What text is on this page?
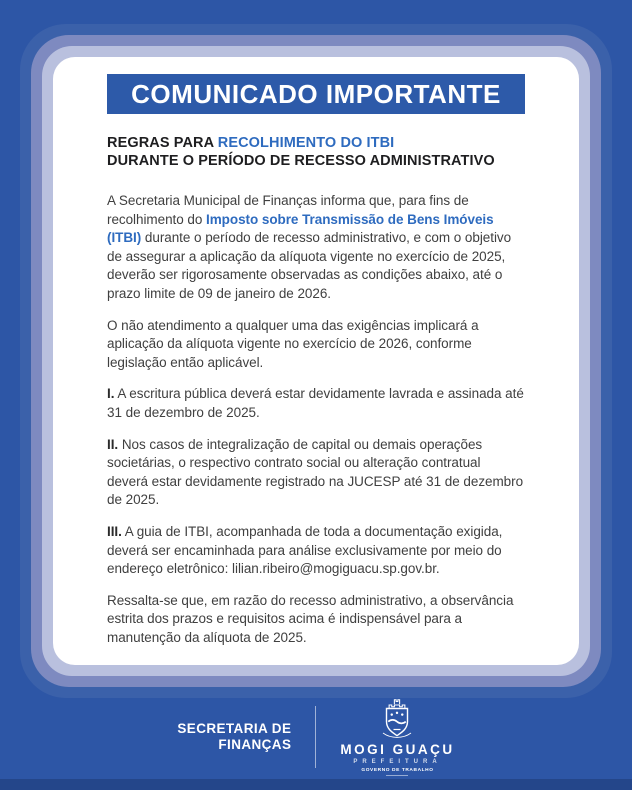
COMUNICADO IMPORTANTE
REGRAS PARA RECOLHIMENTO DO ITBI
DURANTE O PERÍODO DE RECESSO ADMINISTRATIVO

A Secretaria Municipal de Finanças informa que, para fins de recolhimento do Imposto sobre Transmissão de Bens Imóveis (ITBI) durante o período de recesso administrativo, e com o objetivo de assegurar a aplicação da alíquota vigente no exercício de 2025, deverão ser rigorosamente observadas as condições abaixo, até o prazo limite de 09 de janeiro de 2026.

O não atendimento a qualquer uma das exigências implicará a aplicação da alíquota vigente no exercício de 2026, conforme legislação então aplicável.

I. A escritura pública deverá estar devidamente lavrada e assinada até 31 de dezembro de 2025.

II. Nos casos de integralização de capital ou demais operações societárias, o respectivo contrato social ou alteração contratual deverá estar devidamente registrado na JUCESP até 31 de dezembro de 2025.

III. A guia de ITBI, acompanhada de toda a documentação exigida, deverá ser encaminhada para análise exclusivamente por meio do endereço eletrônico: lilian.ribeiro@mogiguacu.sp.gov.br.

Ressalta-se que, em razão do recesso administrativo, a observância estrita dos prazos e requisitos acima é indispensável para a manutenção da alíquota de 2025.

SECRETARIA DE
FINANÇAS	MOGI GUAÇU
PREFEITURA
GOVERNO DE TRABALHO
